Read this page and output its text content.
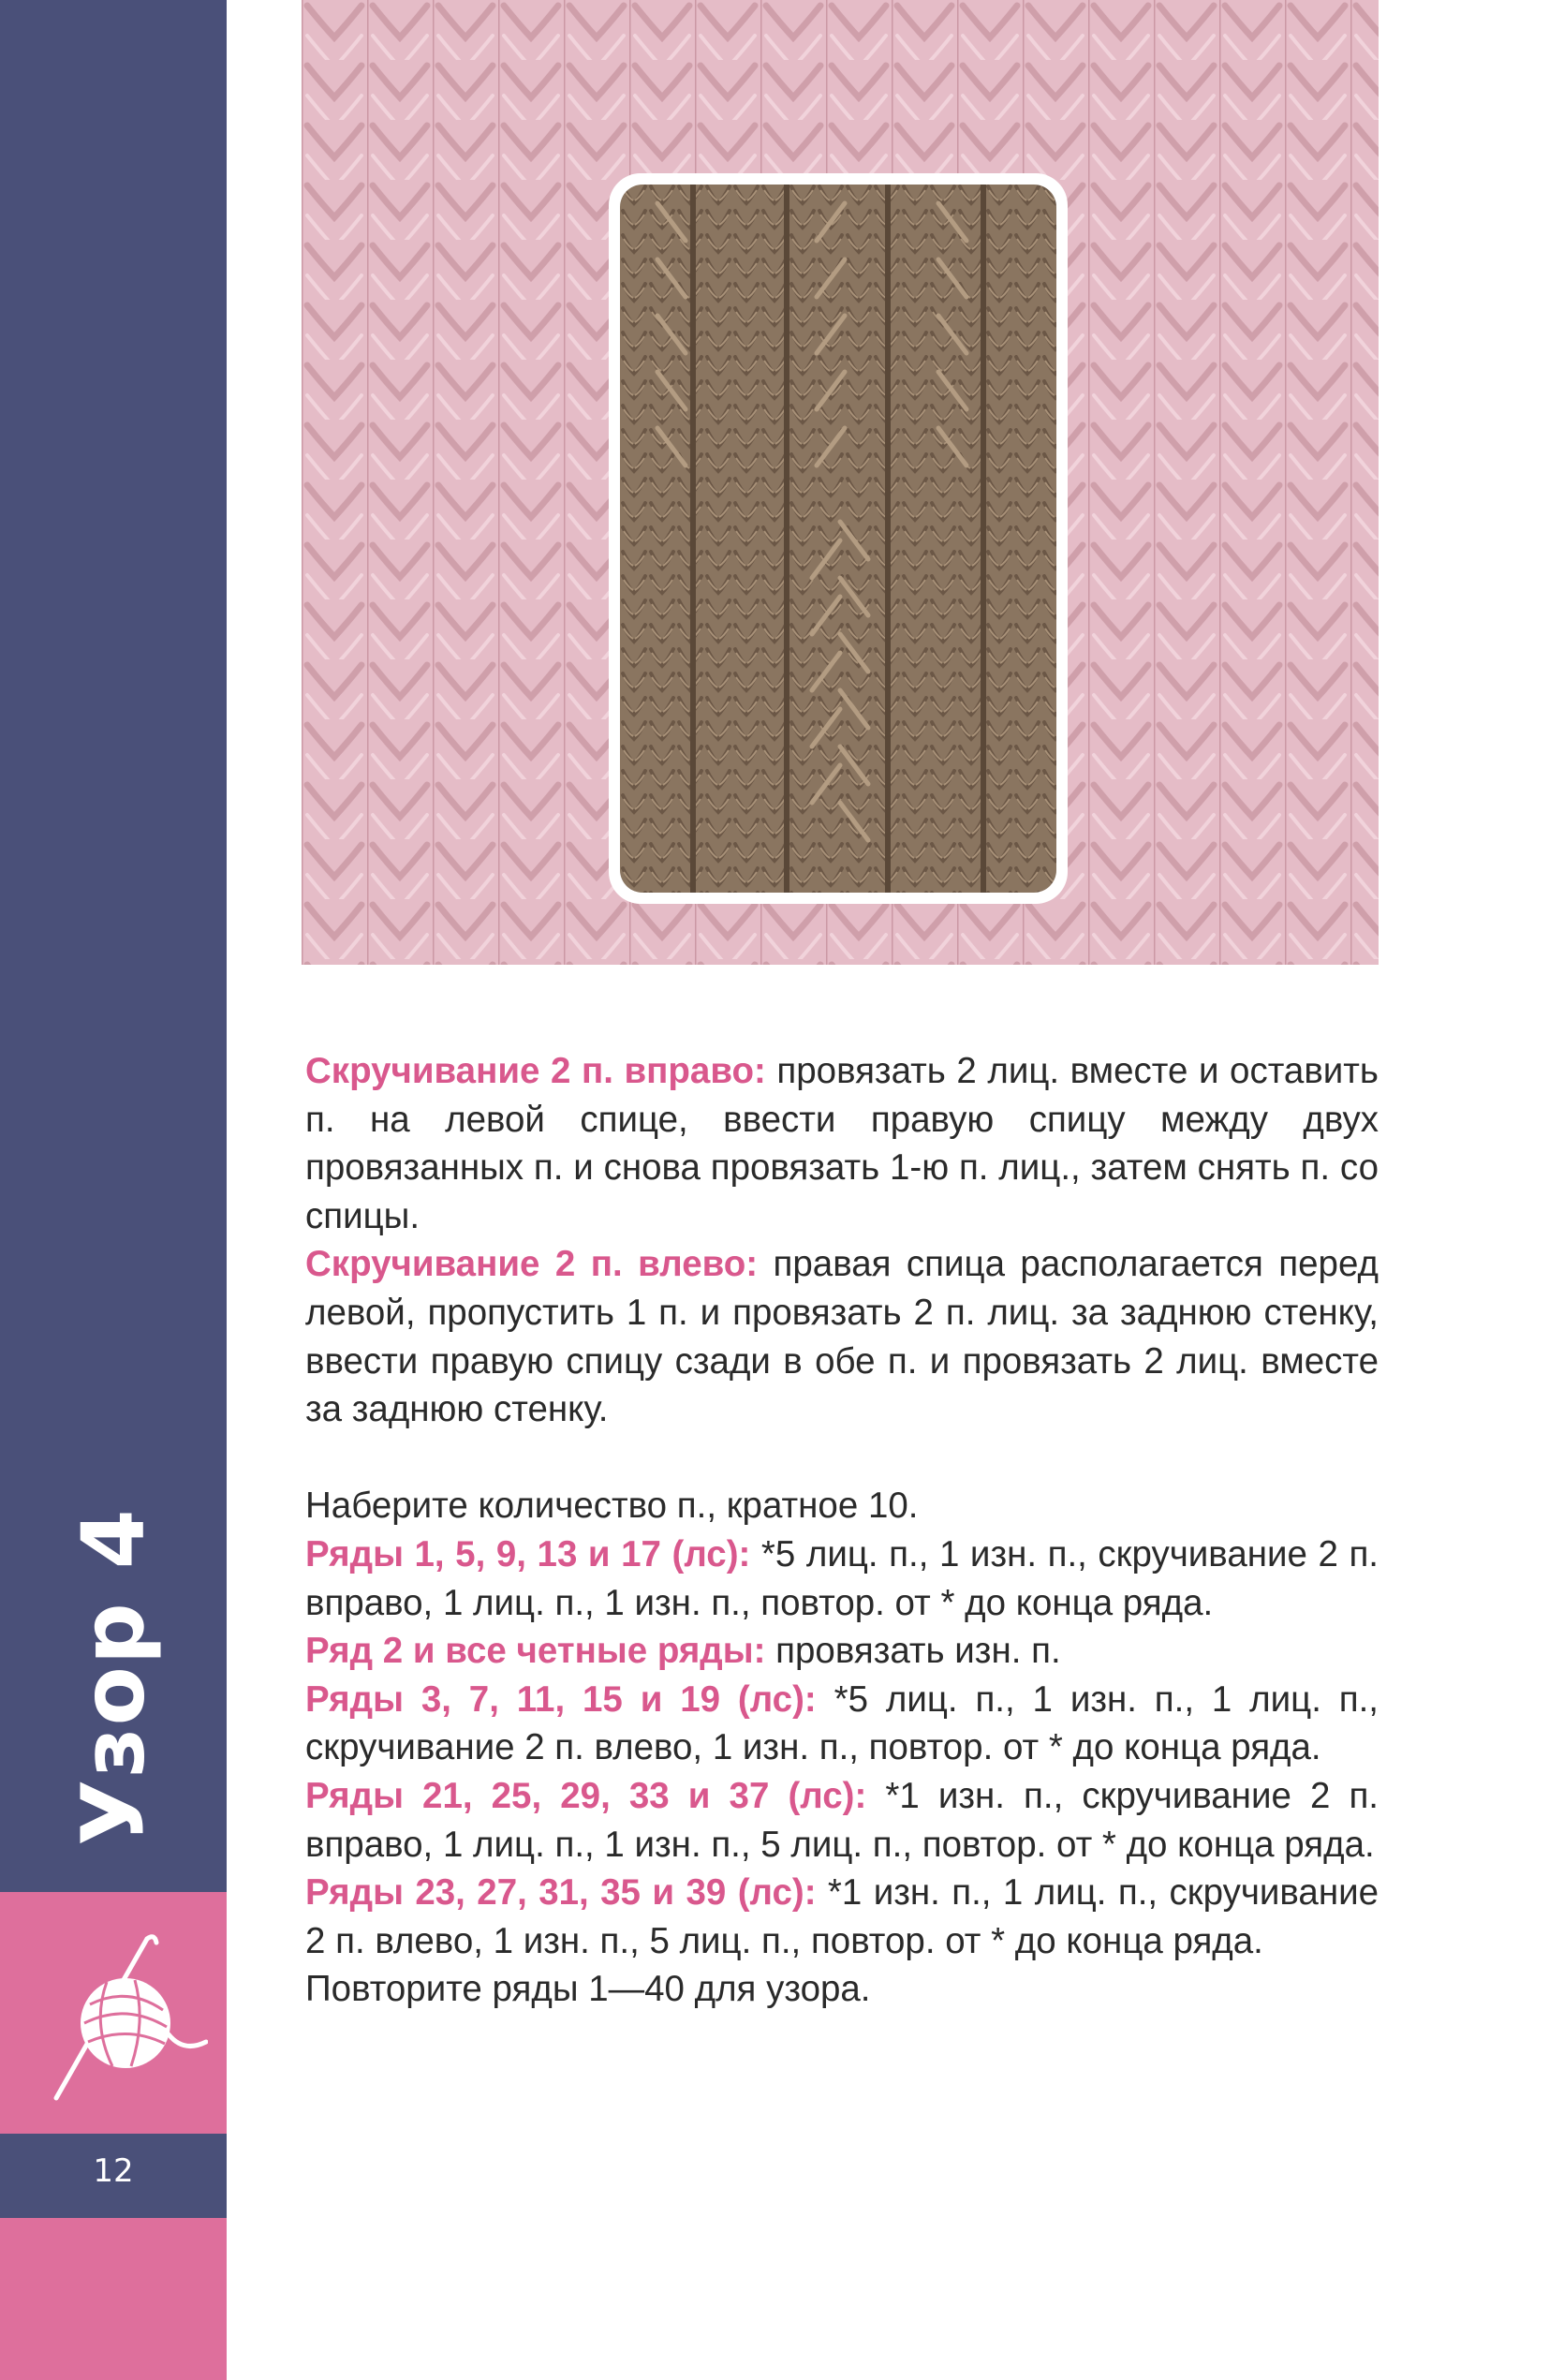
Узор 4
12

Скручивание 2 п. вправо: провязать 2 лиц. вместе и оставить п. на левой спице, ввести правую спицу между двух провязанных п. и снова провязать 1-ю п. лиц., затем снять п. со спицы.

Скручивание 2 п. влево: правая спица располагается перед левой, пропустить 1 п. и провязать 2 п. лиц. за заднюю стенку, ввести правую спицу сзади в обе п. и провязать 2 лиц. вместе за заднюю стенку.

Наберите количество п., кратное 10.

Ряды 1, 5, 9, 13 и 17 (лс): *5 лиц. п., 1 изн. п., скручивание 2 п. вправо, 1 лиц. п., 1 изн. п., повтор. от * до конца ряда.

Ряд 2 и все четные ряды: провязать изн. п.

Ряды 3, 7, 11, 15 и 19 (лс): *5 лиц. п., 1 изн. п., 1 лиц. п., скручивание 2 п. влево, 1 изн. п., повтор. от * до конца ряда.

Ряды 21, 25, 29, 33 и 37 (лс): *1 изн. п., скручивание 2 п. вправо, 1 лиц. п., 1 изн. п., 5 лиц. п., повтор. от * до конца ряда.

Ряды 23, 27, 31, 35 и 39 (лс): *1 изн. п., 1 лиц. п., скручивание 2 п. влево, 1 изн. п., 5 лиц. п., повтор. от * до конца ряда.

Повторите ряды 1—40 для узора.
